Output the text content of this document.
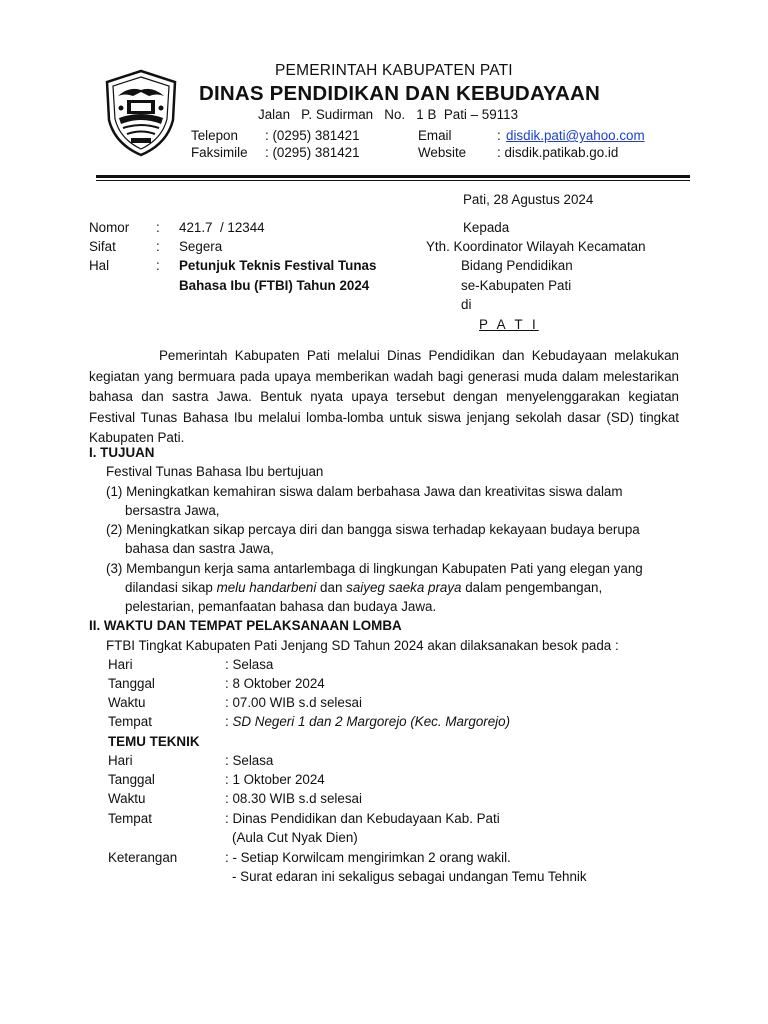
PEMERINTAH KABUPATEN PATI
DINAS PENDIDIKAN DAN KEBUDAYAAN
Jalan   P. Sudirman   No.   1 B  Pati – 59113
Telepon : (0295) 381421
Faksimile : (0295) 381421
Email	: disdik.pati@yahoo.com
Website : disdik.patikab.go.id
Pati, 28 Agustus 2024
Nomor : 421.7  / 12344
Sifat	: Segera
Hal	: Petunjuk Teknis Festival Tunas
Bahasa Ibu (FTBI) Tahun 2024
Kepada
Yth. Koordinator Wilayah Kecamatan
Bidang Pendidikan
se-Kabupaten Pati
di
P A T I
Pemerintah Kabupaten Pati melalui Dinas Pendidikan dan Kebudayaan melakukan kegiatan yang bermuara pada upaya memberikan wadah bagi generasi muda dalam melestarikan bahasa dan sastra Jawa. Bentuk nyata upaya tersebut dengan menyelenggarakan kegiatan Festival Tunas Bahasa Ibu melalui lomba-lomba untuk siswa jenjang sekolah dasar (SD) tingkat Kabupaten Pati.
I. TUJUAN
Festival Tunas Bahasa Ibu bertujuan
(1) Meningkatkan kemahiran siswa dalam berbahasa Jawa dan kreativitas siswa dalam
bersastra Jawa,
(2) Meningkatkan sikap percaya diri dan bangga siswa terhadap kekayaan budaya berupa
bahasa dan sastra Jawa,
(3) Membangun kerja sama antarlembaga di lingkungan Kabupaten Pati yang elegan yang
dilandasi sikap melu handarbeni dan saiyeg saeka praya dalam pengembangan,
pelestarian, pemanfaatan bahasa dan budaya Jawa.
II. WAKTU DAN TEMPAT PELAKSANAAN LOMBA
FTBI Tingkat Kabupaten Pati Jenjang SD Tahun 2024 akan dilaksanakan besok pada :
Hari	: Selasa
Tanggal	: 8 Oktober 2024
Waktu	: 07.00 WIB s.d selesai
Tempat	: SD Negeri 1 dan 2 Margorejo (Kec. Margorejo)
TEMU TEKNIK
Hari	: Selasa
Tanggal	: 1 Oktober 2024
Waktu	: 08.30 WIB s.d selesai
Tempat	: Dinas Pendidikan dan Kebudayaan Kab. Pati
(Aula Cut Nyak Dien)
Keterangan	: - Setiap Korwilcam mengirimkan 2 orang wakil.
- Surat edaran ini sekaligus sebagai undangan Temu Tehnik
